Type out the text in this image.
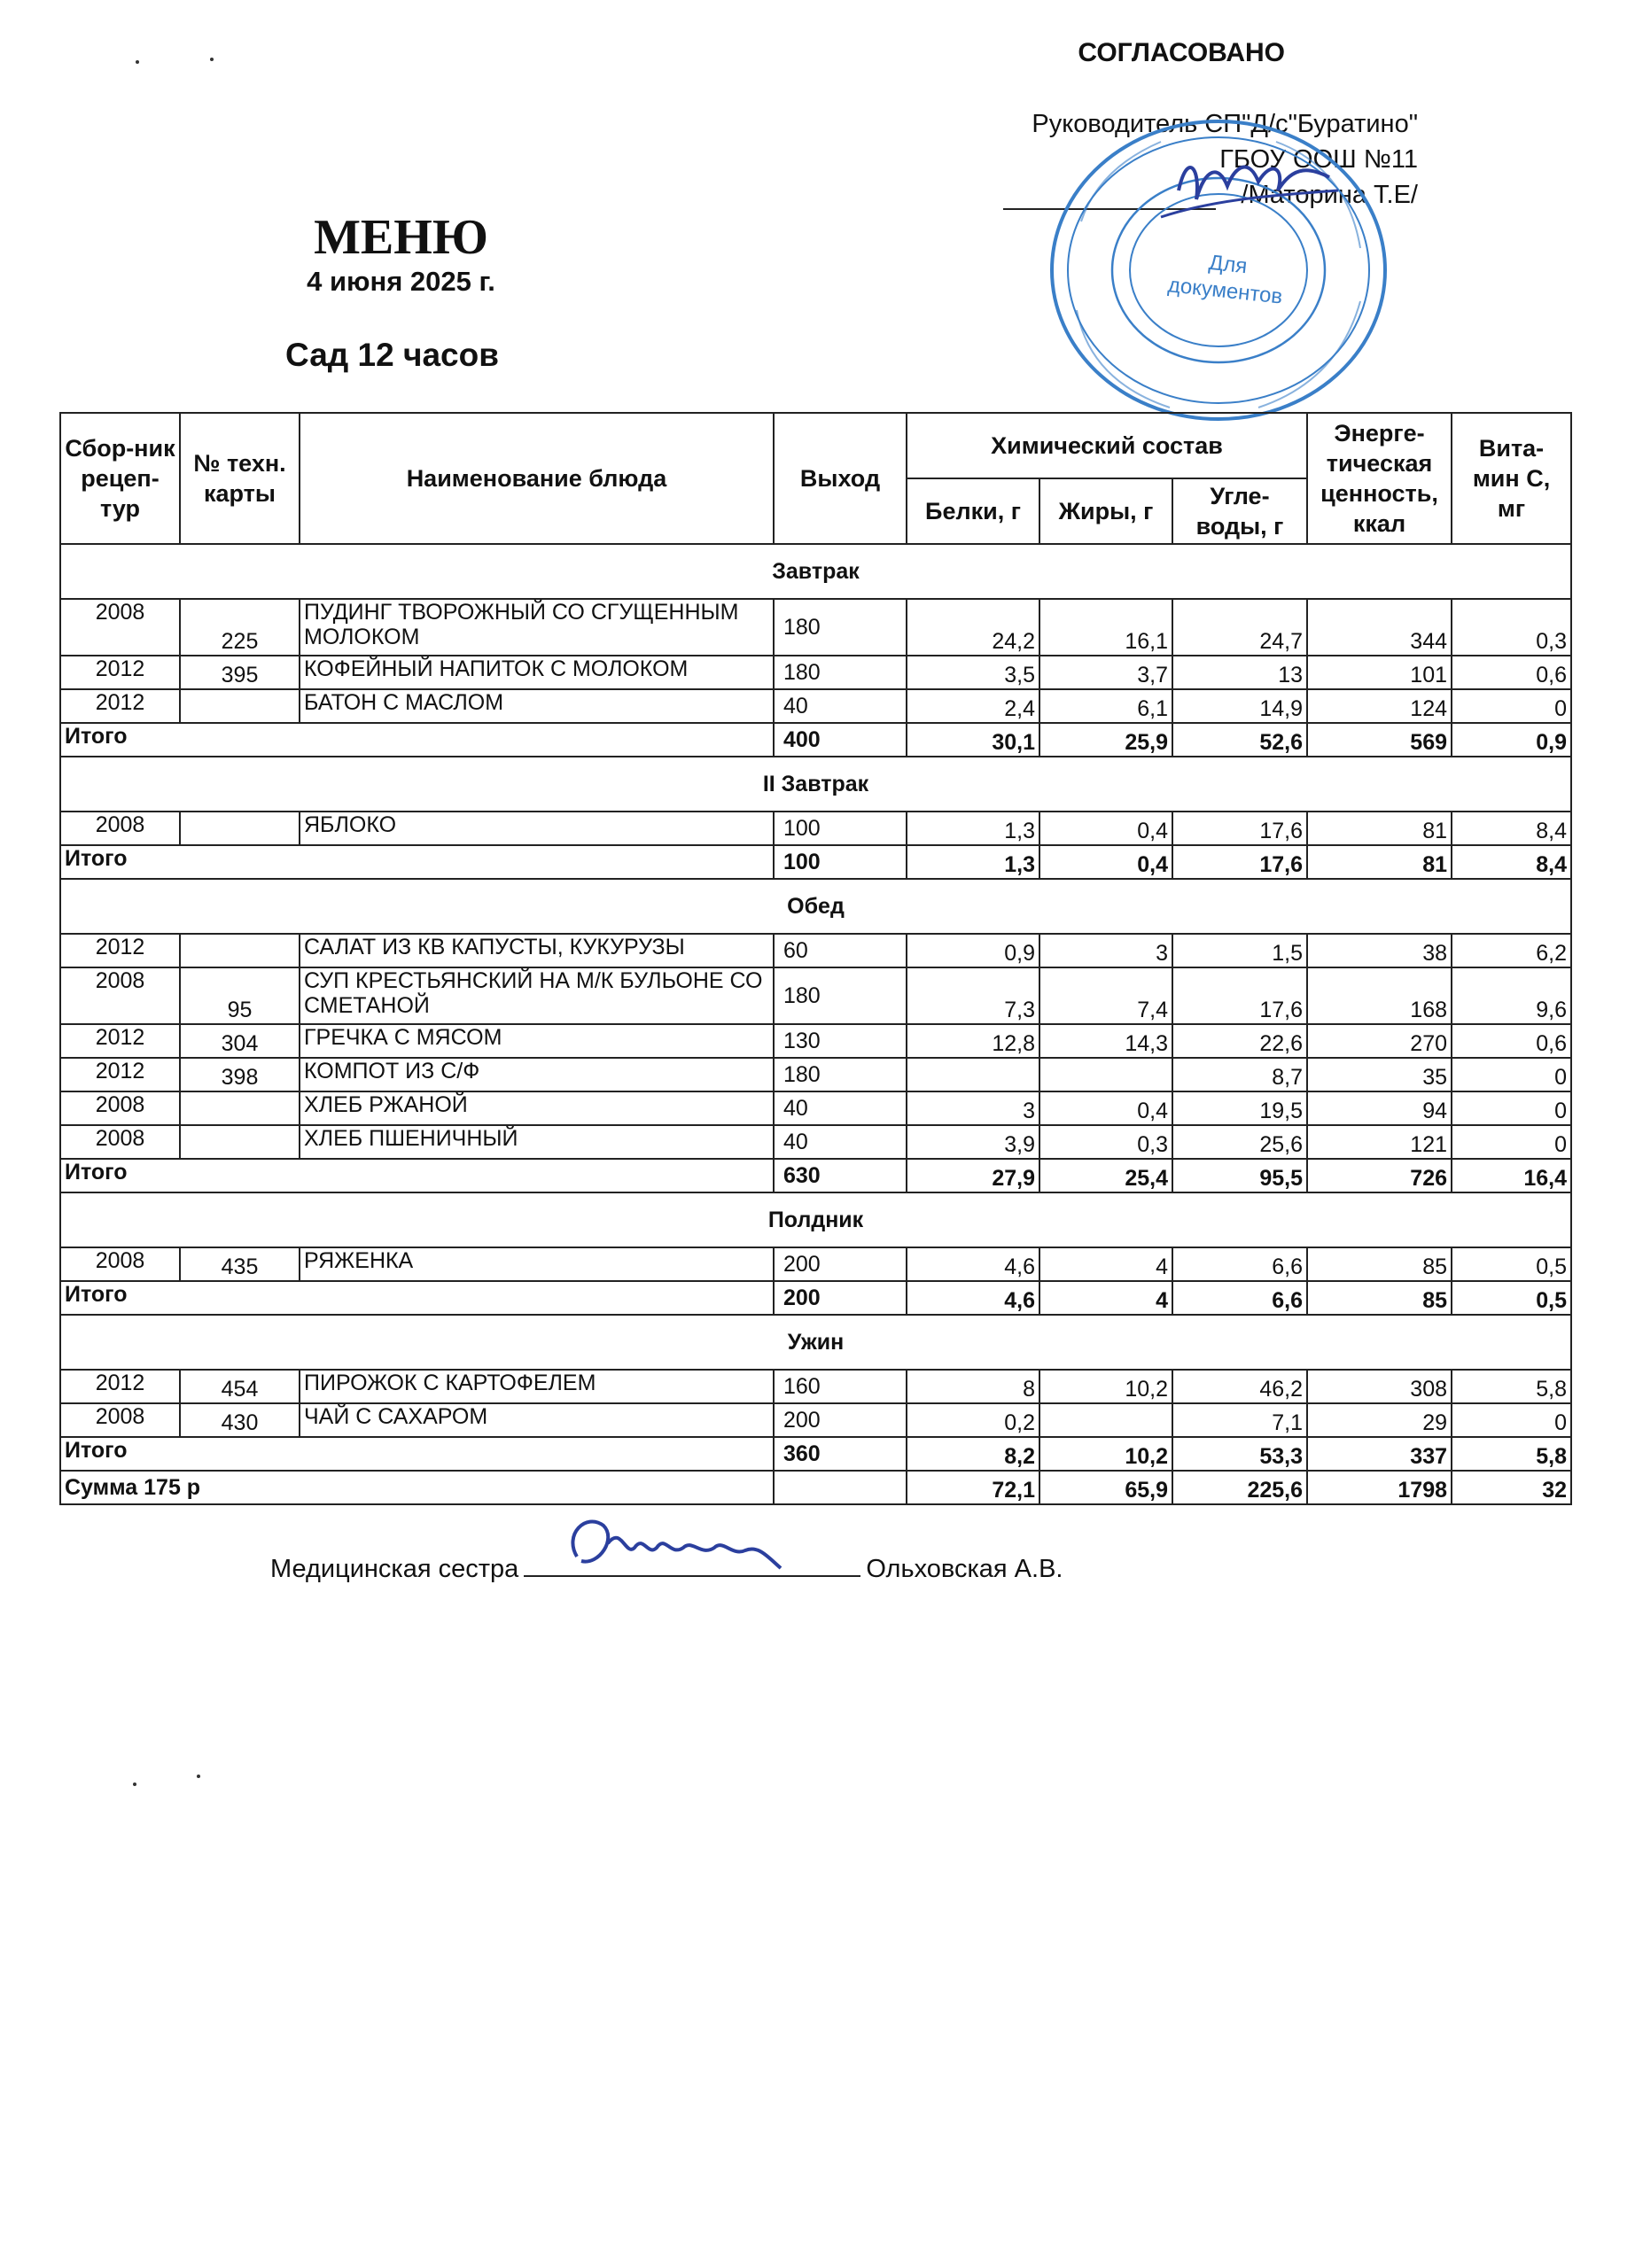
СОГЛАСОВАНО
Руководитель СП"Д/с"Буратино"
ГБОУ ООШ №11
/Маторина Т.Е/
Для
документов
МЕНЮ
4 июня 2025 г.
Сад 12 часов
Сбор-ник рецеп-тур	№ техн. карты	Наименование блюда	Выход	Химический состав			Энерге-тическая ценность, ккал	Вита-мин С, мг
				Белки, г	Жиры, г	Угле-воды, г		
Завтрак								
2008	225	ПУДИНГ ТВОРОЖНЫЙ СО СГУЩЕННЫМ МОЛОКОМ	180	24,2	16,1	24,7	344	0,3
2012	395	КОФЕЙНЫЙ НАПИТОК С МОЛОКОМ	180	3,5	3,7	13	101	0,6
2012		БАТОН С МАСЛОМ	40	2,4	6,1	14,9	124	0
Итого			400	30,1	25,9	52,6	569	0,9
II Завтрак								
2008		ЯБЛОКО	100	1,3	0,4	17,6	81	8,4
Итого			100	1,3	0,4	17,6	81	8,4
Обед								
2012		САЛАТ ИЗ КВ КАПУСТЫ, КУКУРУЗЫ	60	0,9	3	1,5	38	6,2
2008	95	СУП КРЕСТЬЯНСКИЙ НА М/К БУЛЬОНЕ СО СМЕТАНОЙ	180	7,3	7,4	17,6	168	9,6
2012	304	ГРЕЧКА С МЯСОМ	130	12,8	14,3	22,6	270	0,6
2012	398	КОМПОТ ИЗ С/Ф	180			8,7	35	0
2008		ХЛЕБ РЖАНОЙ	40	3	0,4	19,5	94	0
2008		ХЛЕБ ПШЕНИЧНЫЙ	40	3,9	0,3	25,6	121	0
Итого			630	27,9	25,4	95,5	726	16,4
Полдник								
2008	435	РЯЖЕНКА	200	4,6	4	6,6	85	0,5
Итого			200	4,6	4	6,6	85	0,5
Ужин								
2012	454	ПИРОЖОК С КАРТОФЕЛЕМ	160	8	10,2	46,2	308	5,8
2008	430	ЧАЙ С САХАРОМ	200	0,2		7,1	29	0
Итого			360	8,2	10,2	53,3	337	5,8
Сумма 175 р				72,1	65,9	225,6	1798	32
Медицинская сестра	Ольховская А.В.
